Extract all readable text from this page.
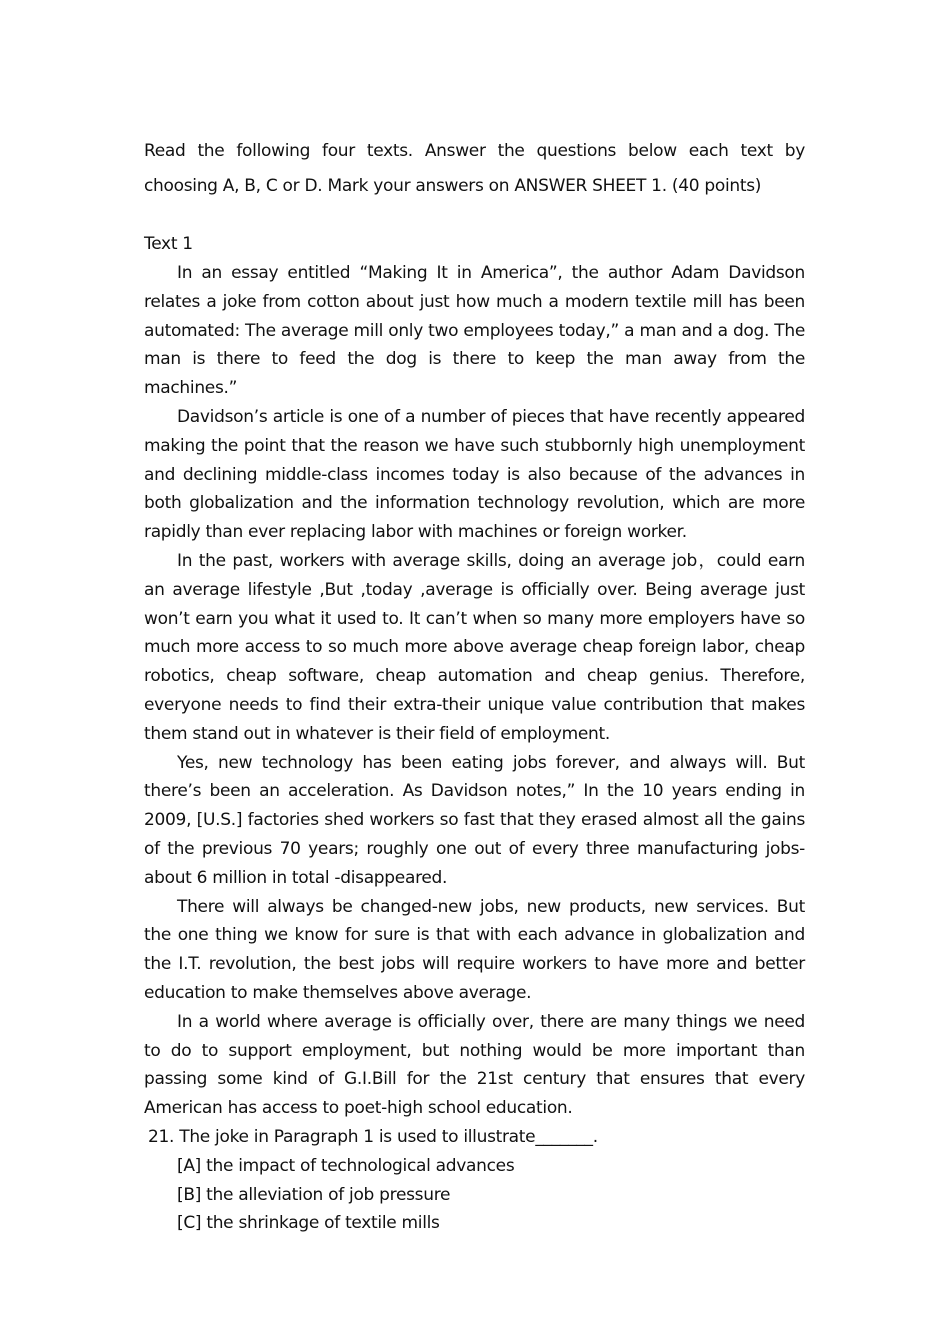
Read the following four texts. Answer the questions below each text by choosing A, B, C or D. Mark your answers on ANSWER SHEET 1. (40 points)

Text 1

In an essay entitled “Making It in America”, the author Adam Davidson relates a joke from cotton about just how much a modern textile mill has been automated: The average mill only two employees today,” a man and a dog. The man is there to feed the dog is there to keep the man away from the machines.”

Davidson’s article is one of a number of pieces that have recently appeared making the point that the reason we have such stubbornly high unemployment and declining middle-class incomes today is also because of the advances in both globalization and the information technology revolution, which are more rapidly than ever replacing labor with machines or foreign worker.

In the past, workers with average skills, doing an average job，could earn an average lifestyle ,But ,today ,average is officially over. Being average just won’t earn you what it used to. It can’t when so many more employers have so much more access to so much more above average cheap foreign labor, cheap robotics, cheap software, cheap automation and cheap genius. Therefore, everyone needs to find their extra-their unique value contribution that makes them stand out in whatever is their field of employment.

Yes, new technology has been eating jobs forever, and always will. But there’s been an acceleration. As Davidson notes,” In the 10 years ending in 2009, [U.S.] factories shed workers so fast that they erased almost all the gains of the previous 70 years; roughly one out of every three manufacturing jobs-about 6 million in total -disappeared.

There will always be changed-new jobs, new products, new services. But the one thing we know for sure is that with each advance in globalization and the I.T. revolution, the best jobs will require workers to have more and better education to make themselves above average.

In a world where average is officially over, there are many things we need to do to support employment, but nothing would be more important than passing some kind of G.I.Bill for the 21st century that ensures that every American has access to poet-high school education.

21. The joke in Paragraph 1 is used to illustrate_______.

[A] the impact of technological advances
[B] the alleviation of job pressure
[C] the shrinkage of textile mills
